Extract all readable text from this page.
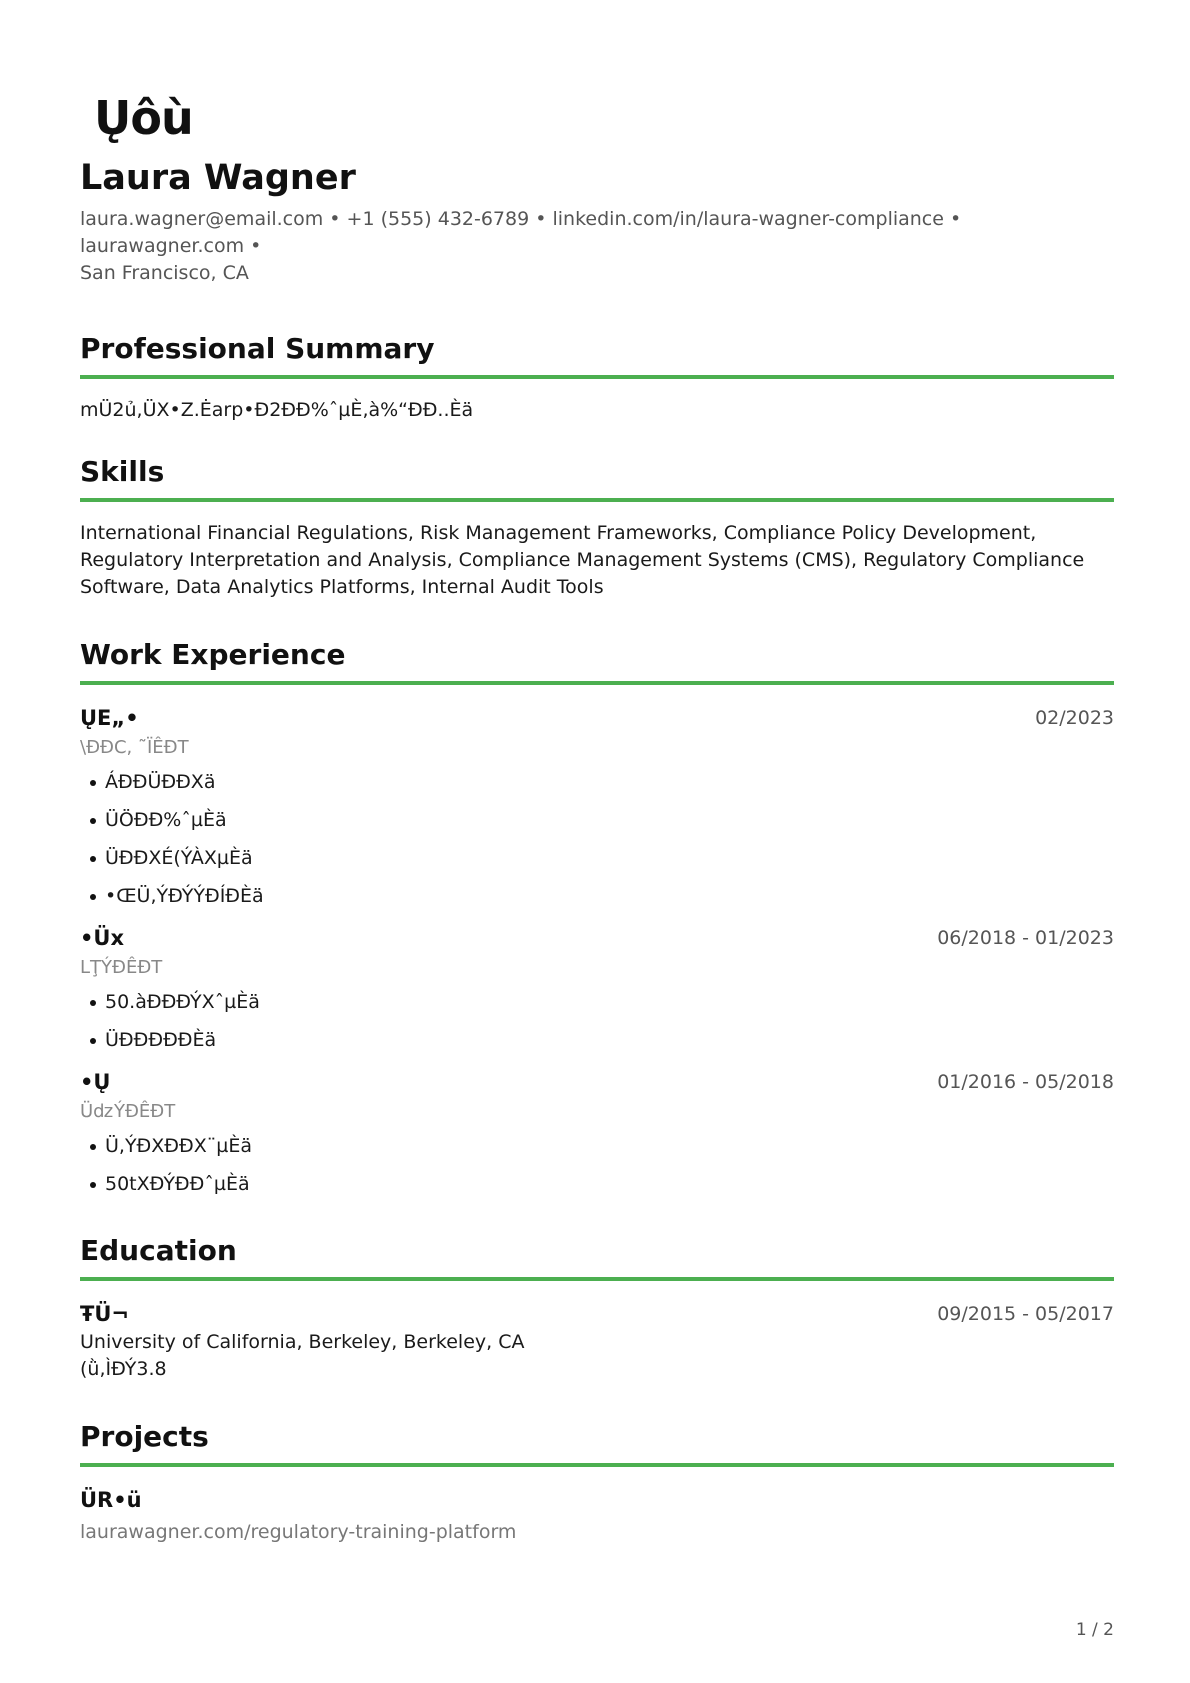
Ųôù
Laura Wagner
laura.wagner@email.com • +1 (555) 432-6789 • linkedin.com/in/laura-wagner-compliance • laurawagner.com •
San Francisco, CA
Professional Summary
mÜ2ủ,ÜX•Z.Ėarp•Ð2ÐÐ%ˆµÈ‚à%“ÐÐ..Èä
Skills
International Financial Regulations, Risk Management Frameworks, Compliance Policy Development, Regulatory Interpretation and Analysis, Compliance Management Systems (CMS), Regulatory Compliance Software, Data Analytics Platforms, Internal Audit Tools
Work Experience
ŲE„•	02/2023
\ÐÐC, ˜ÏÊÐT
ÁÐÐÜÐÐXä
ÜÖÐÐ%ˆµÈä
ÜÐÐXÉ(ÝÀXµÈä
•ŒÜ,ÝÐÝÝÐÍÐÈä
•Üx	06/2018 - 01/2023
LŢÝÐÊÐT
50.àÐÐÐÝXˆµÈä
ÜÐÐÐÐÐÈä
•Ų	01/2016 - 05/2018
ÜǳÝÐÊÐT
Ü,ÝÐXÐÐX¨µÈä
50tXÐÝÐÐˆµÈä
Education
ŦÜ¬	09/2015 - 05/2017
University of California, Berkeley, Berkeley, CA
(ǜ,ÌÐÝ3.8
Projects
ÜR•ü
laurawagner.com/regulatory-training-platform
1 / 2
